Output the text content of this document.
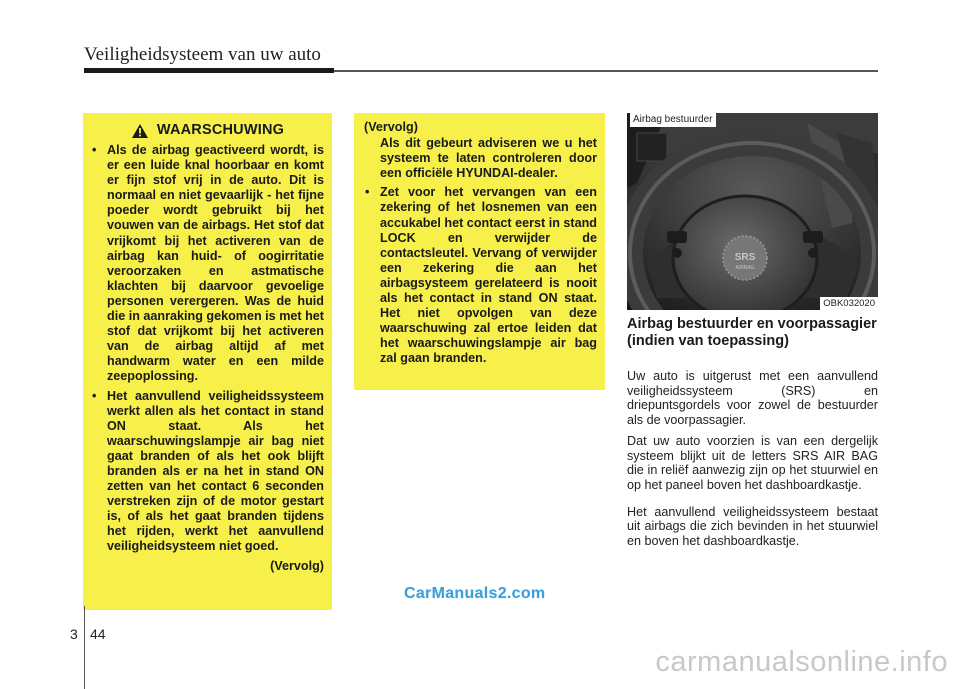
Veiligheidsysteem van uw auto
WAARSCHUWING
• Als de airbag geactiveerd wordt, is er een luide knal hoorbaar en komt er fijn stof vrij in de auto. Dit is normaal en niet gevaarlijk - het fijne poeder wordt gebruikt bij het vouwen van de airbags. Het stof dat vrijkomt bij het activeren van de airbag kan huid- of oogirritatie veroorzaken en astmatische klachten bij daarvoor gevoelige personen verergeren. Was de huid die in aanraking gekomen is met het stof dat vrijkomt bij het activeren van de airbag altijd af met handwarm water en een milde zeepoplossing.
• Het aanvullend veiligheidssysteem werkt allen als het contact in stand ON staat. Als het waarschuwingslampje air bag niet gaat branden of als het ook blijft branden als er na het in stand ON zetten van het contact 6 seconden verstreken zijn of de motor gestart is, of als het gaat branden tijdens het rijden, werkt het aanvullend veiligheidsysteem niet goed.
(Vervolg)
(Vervolg)
Als dit gebeurt adviseren we u het systeem te laten controleren door een officiële HYUNDAI-dealer.
• Zet voor het vervangen van een zekering of het losnemen van een accukabel het contact eerst in stand LOCK en verwijder de contactsleutel. Vervang of verwijder een zekering die aan het airbagsysteem gerelateerd is nooit als het contact in stand ON staat. Het niet opvolgen van deze waarschuwing zal ertoe leiden dat het waarschuwingslampje air bag zal gaan branden.
SRS
AIRBAG
Airbag bestuurder
OBK032020
Airbag bestuurder en voorpassagier (indien van toepassing)

Uw auto is uitgerust met een aanvullend veiligheidssysteem (SRS) en driepuntsgordels voor zowel de bestuurder als de voorpassagier.

Dat uw auto voorzien is van een dergelijk systeem blijkt uit de letters SRS AIR BAG die in reliëf aanwezig zijn op het stuurwiel en op het paneel boven het dashboardkastje.

Het aanvullend veiligheidssysteem bestaat uit airbags die zich bevinden in het stuurwiel en boven het dashboardkastje.

CarManuals2.com
3 44
carmanualsonline.info
